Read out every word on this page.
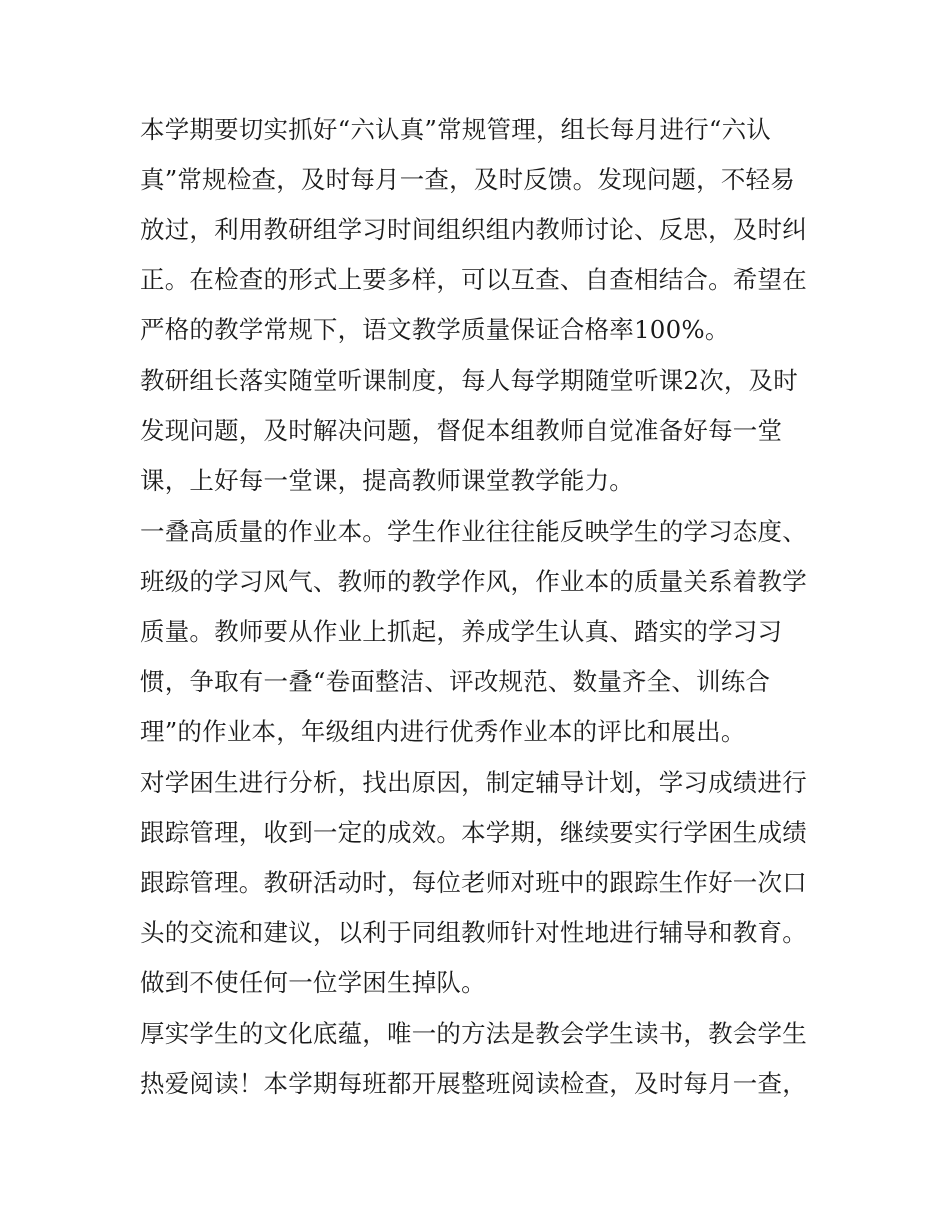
本学期要切实抓好“六认真”常规管理，组长每月进行“六认
真”常规检查，及时每月一查，及时反馈。发现问题，不轻易
放过，利用教研组学习时间组织组内教师讨论、反思，及时纠
正。在检查的形式上要多样，可以互查、自查相结合。希望在
严格的教学常规下，语文教学质量保证合格率100%。
教研组长落实随堂听课制度，每人每学期随堂听课2次，及时
发现问题，及时解决问题，督促本组教师自觉准备好每一堂
课，上好每一堂课，提高教师课堂教学能力。
一叠高质量的作业本。学生作业往往能反映学生的学习态度、
班级的学习风气、教师的教学作风，作业本的质量关系着教学
质量。教师要从作业上抓起，养成学生认真、踏实的学习习
惯，争取有一叠“卷面整洁、评改规范、数量齐全、训练合
理”的作业本，年级组内进行优秀作业本的评比和展出。
对学困生进行分析，找出原因，制定辅导计划，学习成绩进行
跟踪管理，收到一定的成效。本学期，继续要实行学困生成绩
跟踪管理。教研活动时，每位老师对班中的跟踪生作好一次口
头的交流和建议，以利于同组教师针对性地进行辅导和教育。
做到不使任何一位学困生掉队。
厚实学生的文化底蕴，唯一的方法是教会学生读书，教会学生
热爱阅读！本学期每班都开展整班阅读检查，及时每月一查，
